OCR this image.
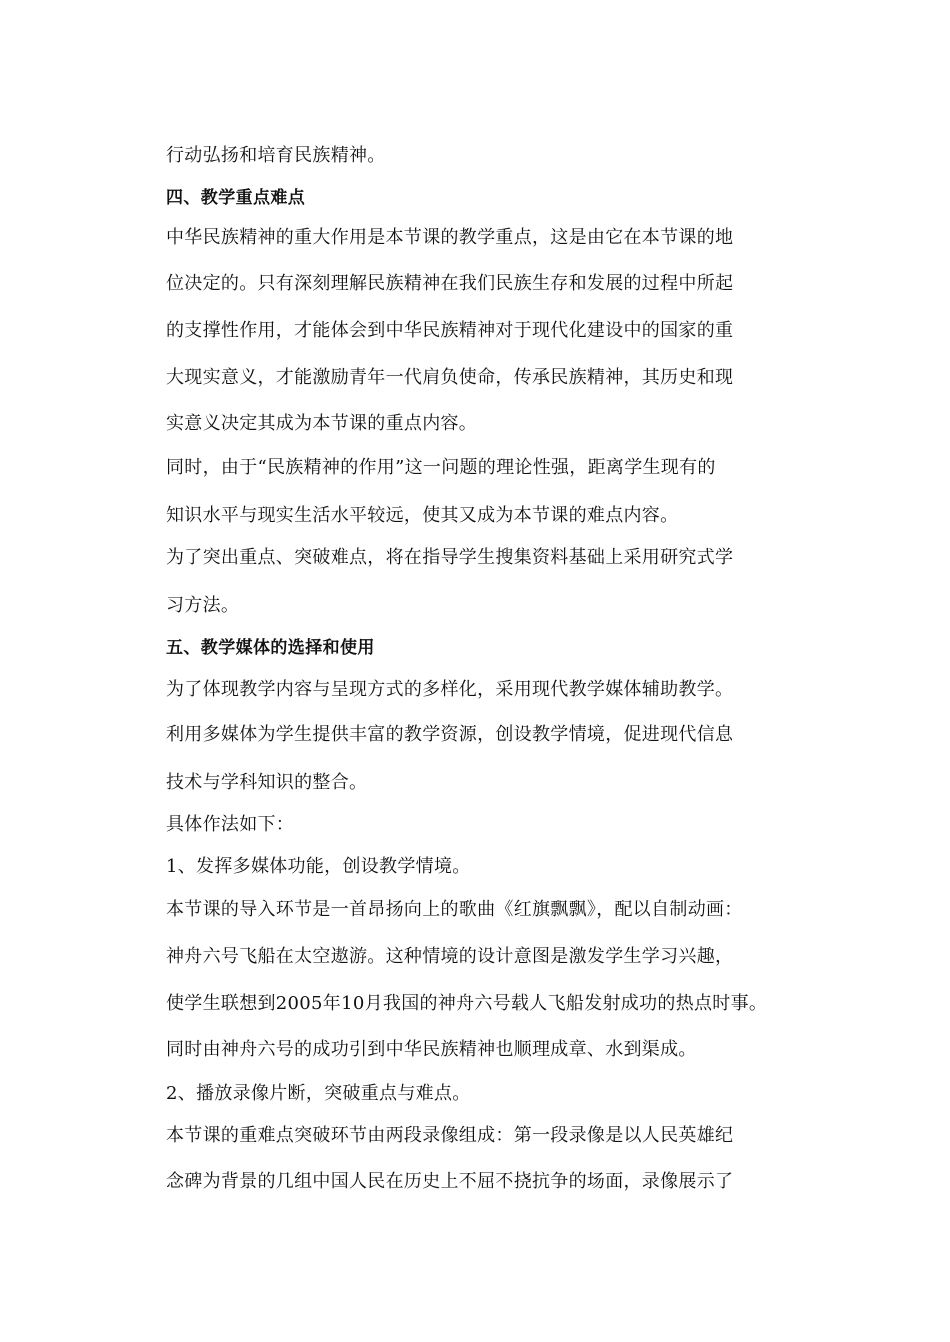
行动弘扬和培育民族精神。
四、教学重点难点
中华民族精神的重大作用是本节课的教学重点，这是由它在本节课的地
位决定的。只有深刻理解民族精神在我们民族生存和发展的过程中所起
的支撑性作用，才能体会到中华民族精神对于现代化建设中的国家的重
大现实意义，才能激励青年一代肩负使命，传承民族精神，其历史和现
实意义决定其成为本节课的重点内容。
同时，由于“民族精神的作用”这一问题的理论性强，距离学生现有的
知识水平与现实生活水平较远，使其又成为本节课的难点内容。
为了突出重点、突破难点，将在指导学生搜集资料基础上采用研究式学
习方法。
五、教学媒体的选择和使用
为了体现教学内容与呈现方式的多样化，采用现代教学媒体辅助教学。
利用多媒体为学生提供丰富的教学资源，创设教学情境，促进现代信息
技术与学科知识的整合。
具体作法如下：
1、发挥多媒体功能，创设教学情境。
本节课的导入环节是一首昂扬向上的歌曲《红旗飘飘》，配以自制动画：
神舟六号飞船在太空遨游。这种情境的设计意图是激发学生学习兴趣，
使学生联想到2005年10月我国的神舟六号载人飞船发射成功的热点时事。
同时由神舟六号的成功引到中华民族精神也顺理成章、水到渠成。
2、播放录像片断，突破重点与难点。
本节课的重难点突破环节由两段录像组成：第一段录像是以人民英雄纪
念碑为背景的几组中国人民在历史上不屈不挠抗争的场面，录像展示了
